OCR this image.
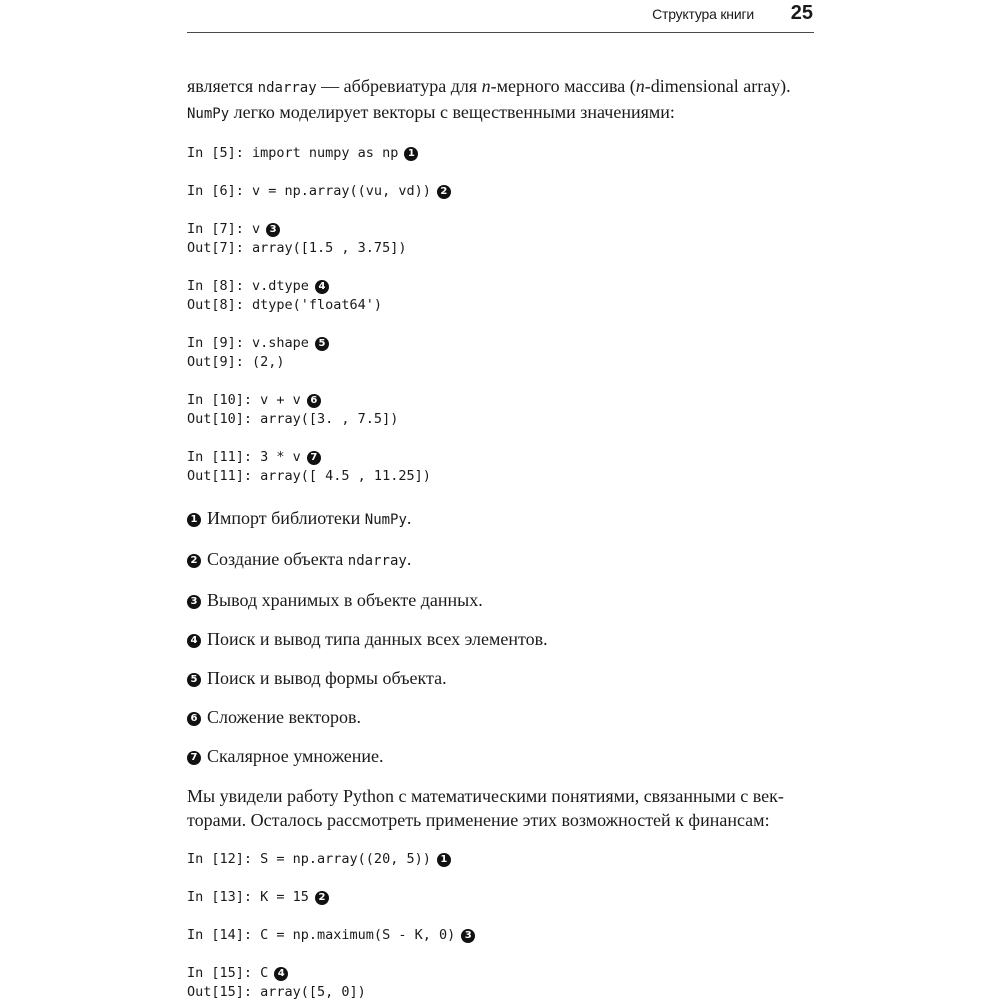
Структура книги 25

является ndarray — аббревиатура для n-мерного массива (n-dimensional array).
NumPy легко моделирует векторы с вещественными значениями:

In [5]: import numpy as np 1
In [6]: v = np.array((vu, vd)) 2
In [7]: v 3
Out[7]: array([1.5 , 3.75])
In [8]: v.dtype 4
Out[8]: dtype('float64')
In [9]: v.shape 5
Out[9]: (2,)
In [10]: v + v 6
Out[10]: array([3. , 7.5])
In [11]: 3 * v 7
Out[11]: array([ 4.5 , 11.25])
1 Импорт библиотеки NumPy.
2 Создание объекта ndarray.
3 Вывод хранимых в объекте данных.
4 Поиск и вывод типа данных всех элементов.
5 Поиск и вывод формы объекта.
6 Сложение векторов.
7 Скалярное умножение.

Мы увидели работу Python с математическими понятиями, связанными с век-
торами. Осталось рассмотреть применение этих возможностей к финансам:

In [12]: S = np.array((20, 5)) 1
In [13]: K = 15 2
In [14]: C = np.maximum(S - K, 0) 3
In [15]: C 4
Out[15]: array([5, 0])
